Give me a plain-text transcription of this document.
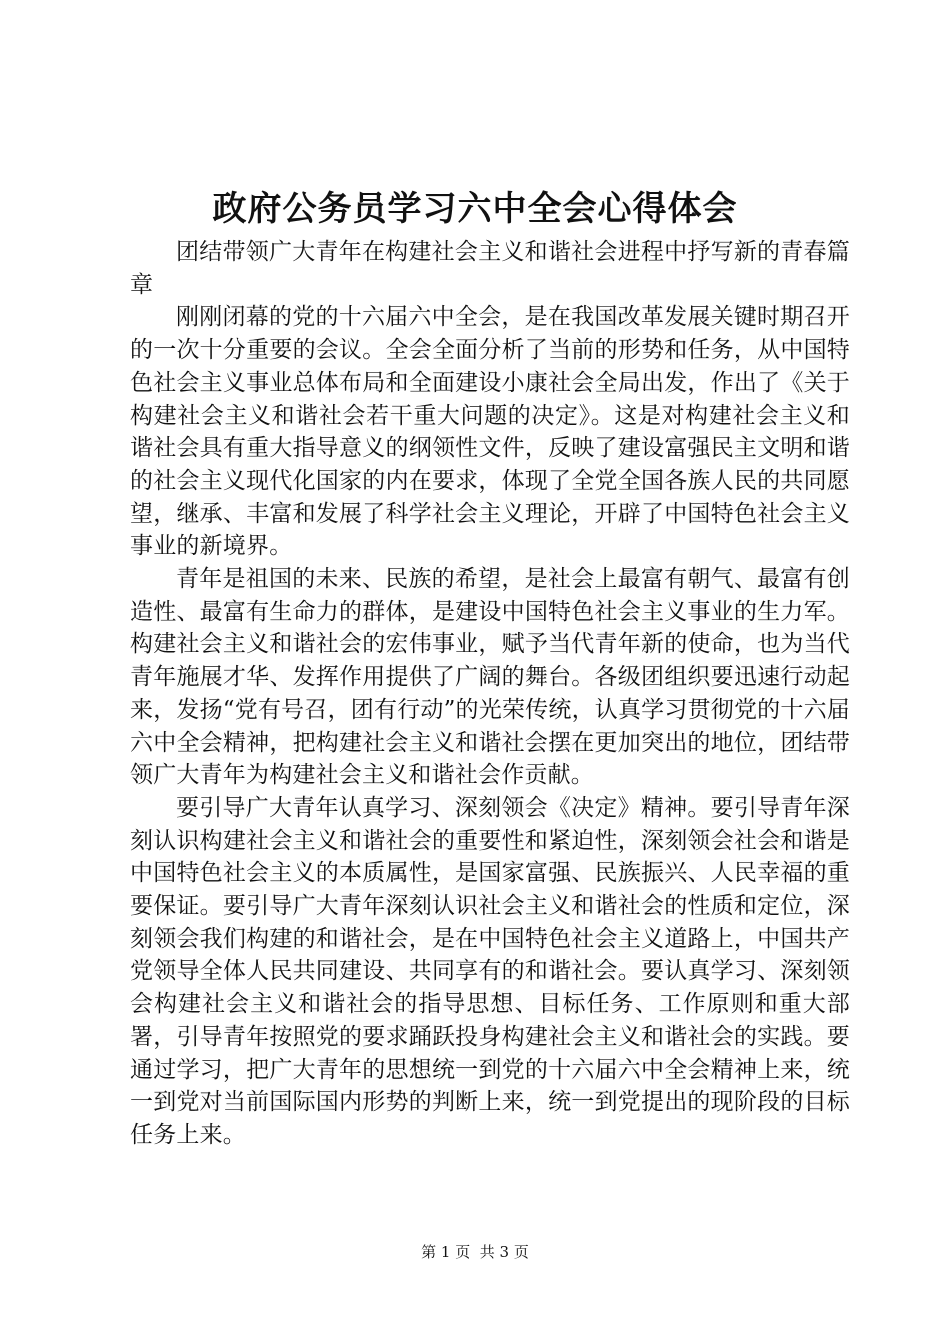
政府公务员学习六中全会心得体会

团结带领广大青年在构建社会主义和谐社会进程中抒写新的青春篇章

刚刚闭幕的党的十六届六中全会，是在我国改革发展关键时期召开的一次十分重要的会议。全会全面分析了当前的形势和任务，从中国特色社会主义事业总体布局和全面建设小康社会全局出发，作出了《关于构建社会主义和谐社会若干重大问题的决定》。这是对构建社会主义和谐社会具有重大指导意义的纲领性文件，反映了建设富强民主文明和谐的社会主义现代化国家的内在要求，体现了全党全国各族人民的共同愿望，继承、丰富和发展了科学社会主义理论，开辟了中国特色社会主义事业的新境界。

青年是祖国的未来、民族的希望，是社会上最富有朝气、最富有创造性、最富有生命力的群体，是建设中国特色社会主义事业的生力军。构建社会主义和谐社会的宏伟事业，赋予当代青年新的使命，也为当代青年施展才华、发挥作用提供了广阔的舞台。各级团组织要迅速行动起来，发扬“党有号召，团有行动”的光荣传统，认真学习贯彻党的十六届六中全会精神，把构建社会主义和谐社会摆在更加突出的地位，团结带领广大青年为构建社会主义和谐社会作贡献。

要引导广大青年认真学习、深刻领会《决定》精神。要引导青年深刻认识构建社会主义和谐社会的重要性和紧迫性，深刻领会社会和谐是中国特色社会主义的本质属性，是国家富强、民族振兴、人民幸福的重要保证。要引导广大青年深刻认识社会主义和谐社会的性质和定位，深刻领会我们构建的和谐社会，是在中国特色社会主义道路上，中国共产党领导全体人民共同建设、共同享有的和谐社会。要认真学习、深刻领会构建社会主义和谐社会的指导思想、目标任务、工作原则和重大部署，引导青年按照党的要求踊跃投身构建社会主义和谐社会的实践。要通过学习，把广大青年的思想统一到党的十六届六中全会精神上来，统一到党对当前国际国内形势的判断上来，统一到党提出的现阶段的目标任务上来。

第 1 页 共 3 页
